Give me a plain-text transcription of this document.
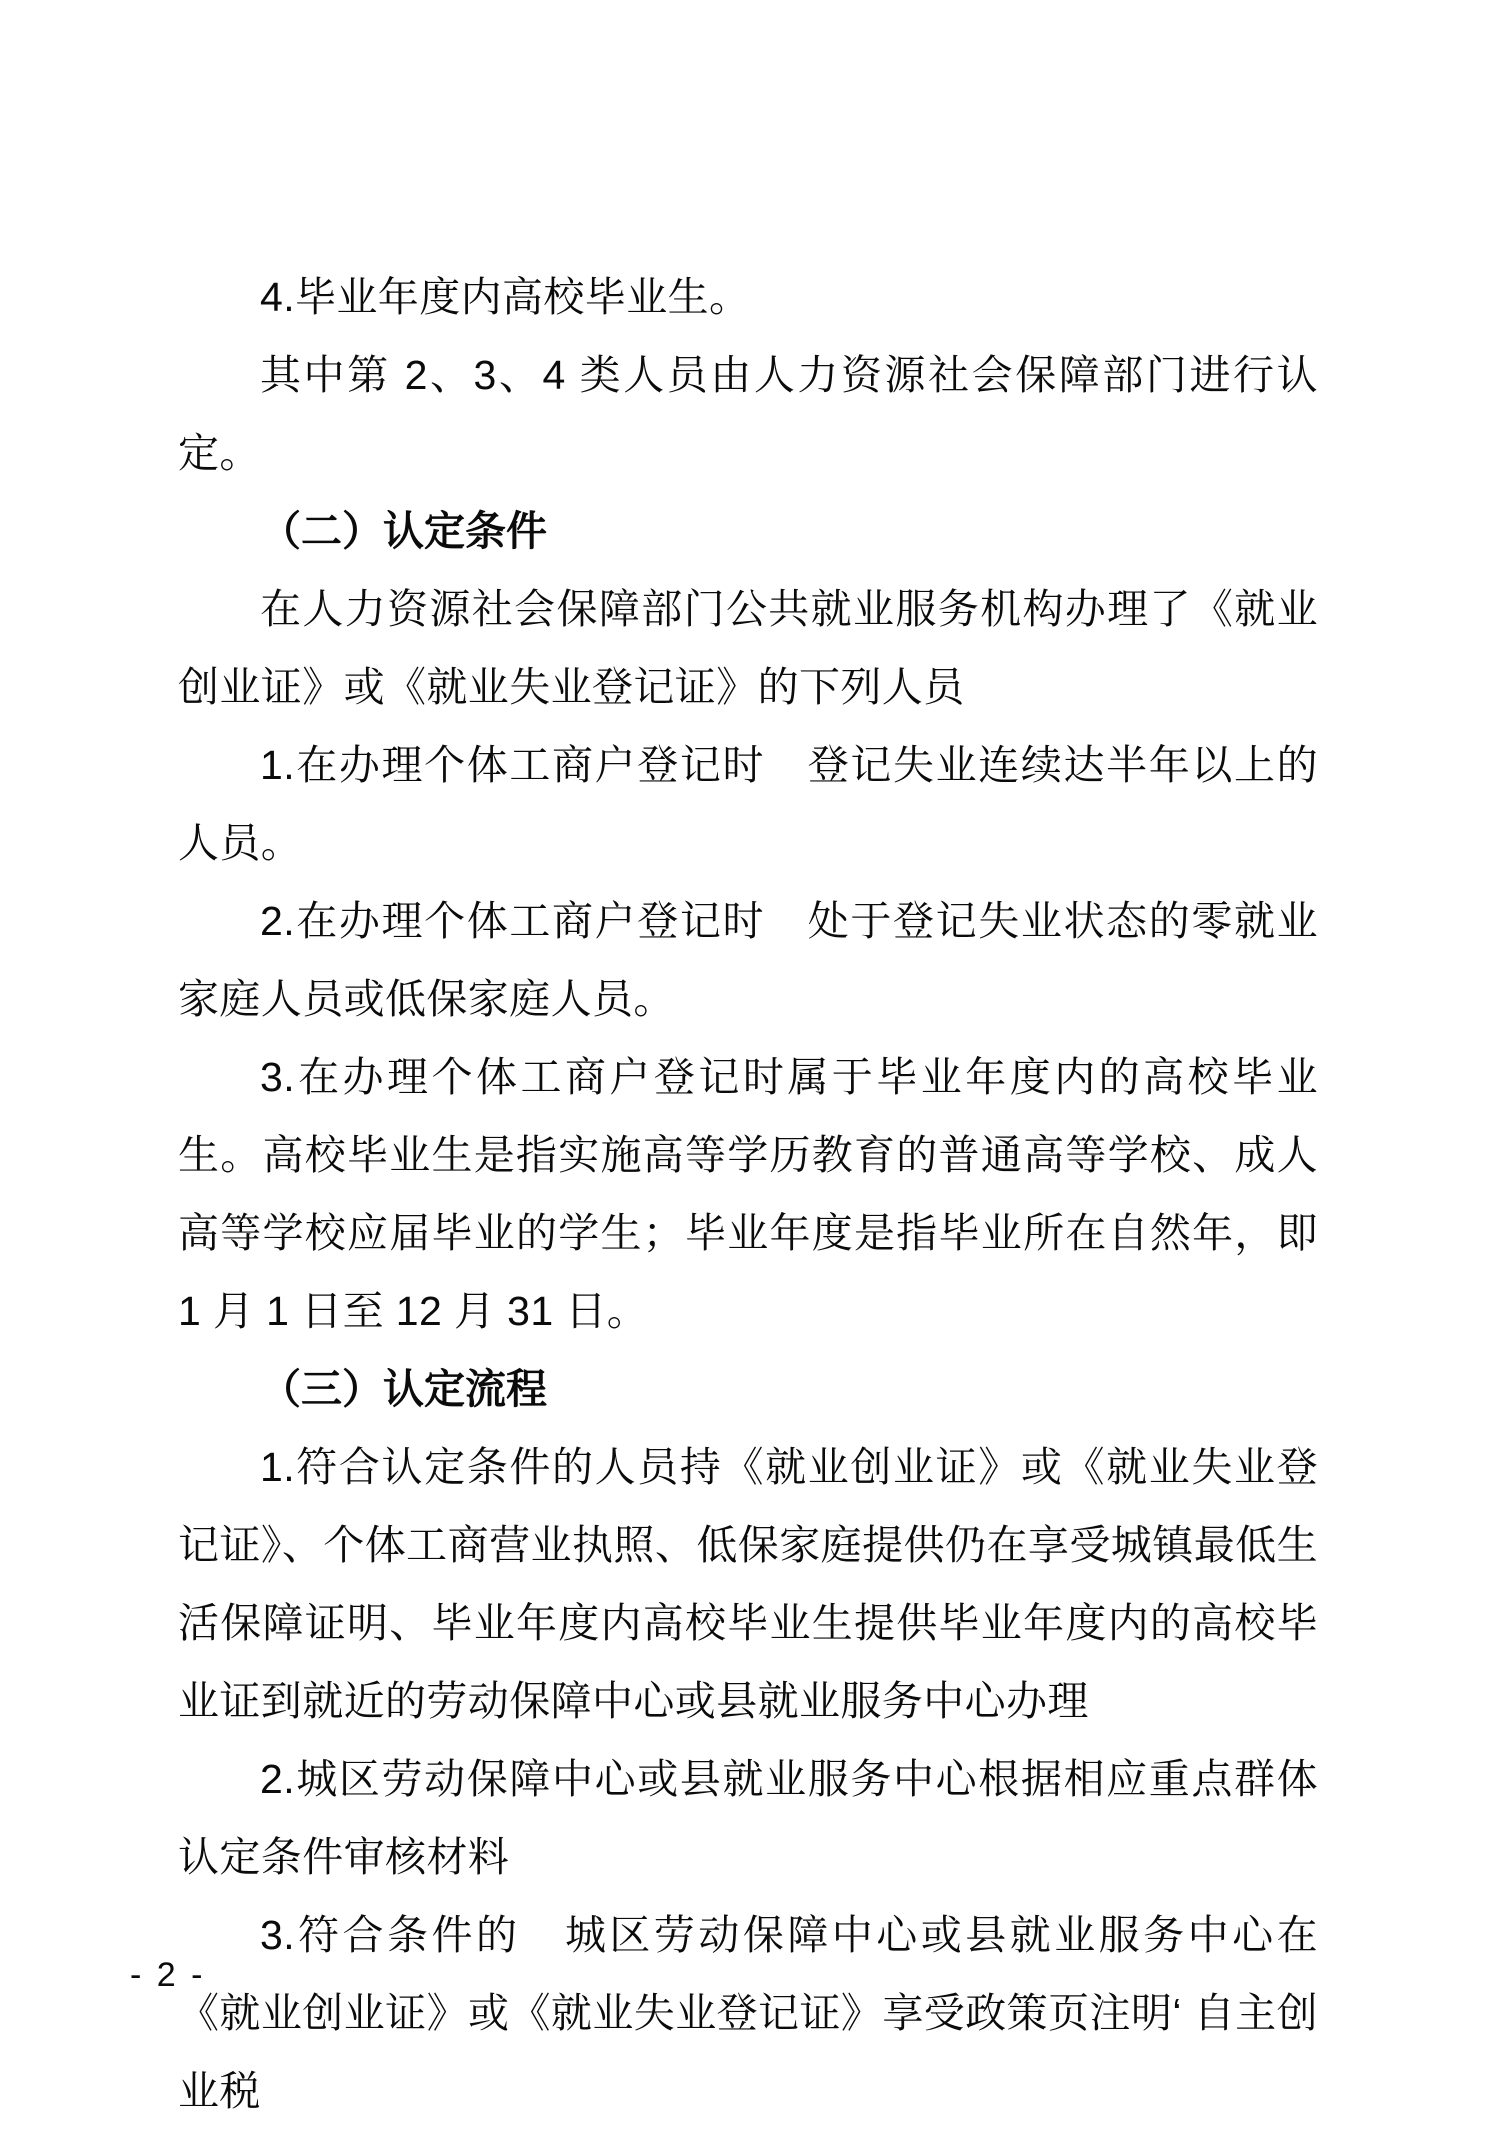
4.毕业年度内高校毕业生。

其中第 2、3、4 类人员由人力资源社会保障部门进行认定。

（二）认定条件

在人力资源社会保障部门公共就业服务机构办理了《就业创业证》或《就业失业登记证》的下列人员

1.在办理个体工商户登记时　登记失业连续达半年以上的人员。

2.在办理个体工商户登记时　处于登记失业状态的零就业家庭人员或低保家庭人员。

3.在办理个体工商户登记时属于毕业年度内的高校毕业生。高校毕业生是指实施高等学历教育的普通高等学校、成人高等学校应届毕业的学生；毕业年度是指毕业所在自然年，即 1 月 1 日至 12 月 31 日。

（三）认定流程

1.符合认定条件的人员持《就业创业证》或《就业失业登记证》、个体工商营业执照、低保家庭提供仍在享受城镇最低生活保障证明、毕业年度内高校毕业生提供毕业年度内的高校毕业证到就近的劳动保障中心或县就业服务中心办理

2.城区劳动保障中心或县就业服务中心根据相应重点群体认定条件审核材料

3.符合条件的　城区劳动保障中心或县就业服务中心在《就业创业证》或《就业失业登记证》享受政策页注明‘ 自主创业税

- 2 -
